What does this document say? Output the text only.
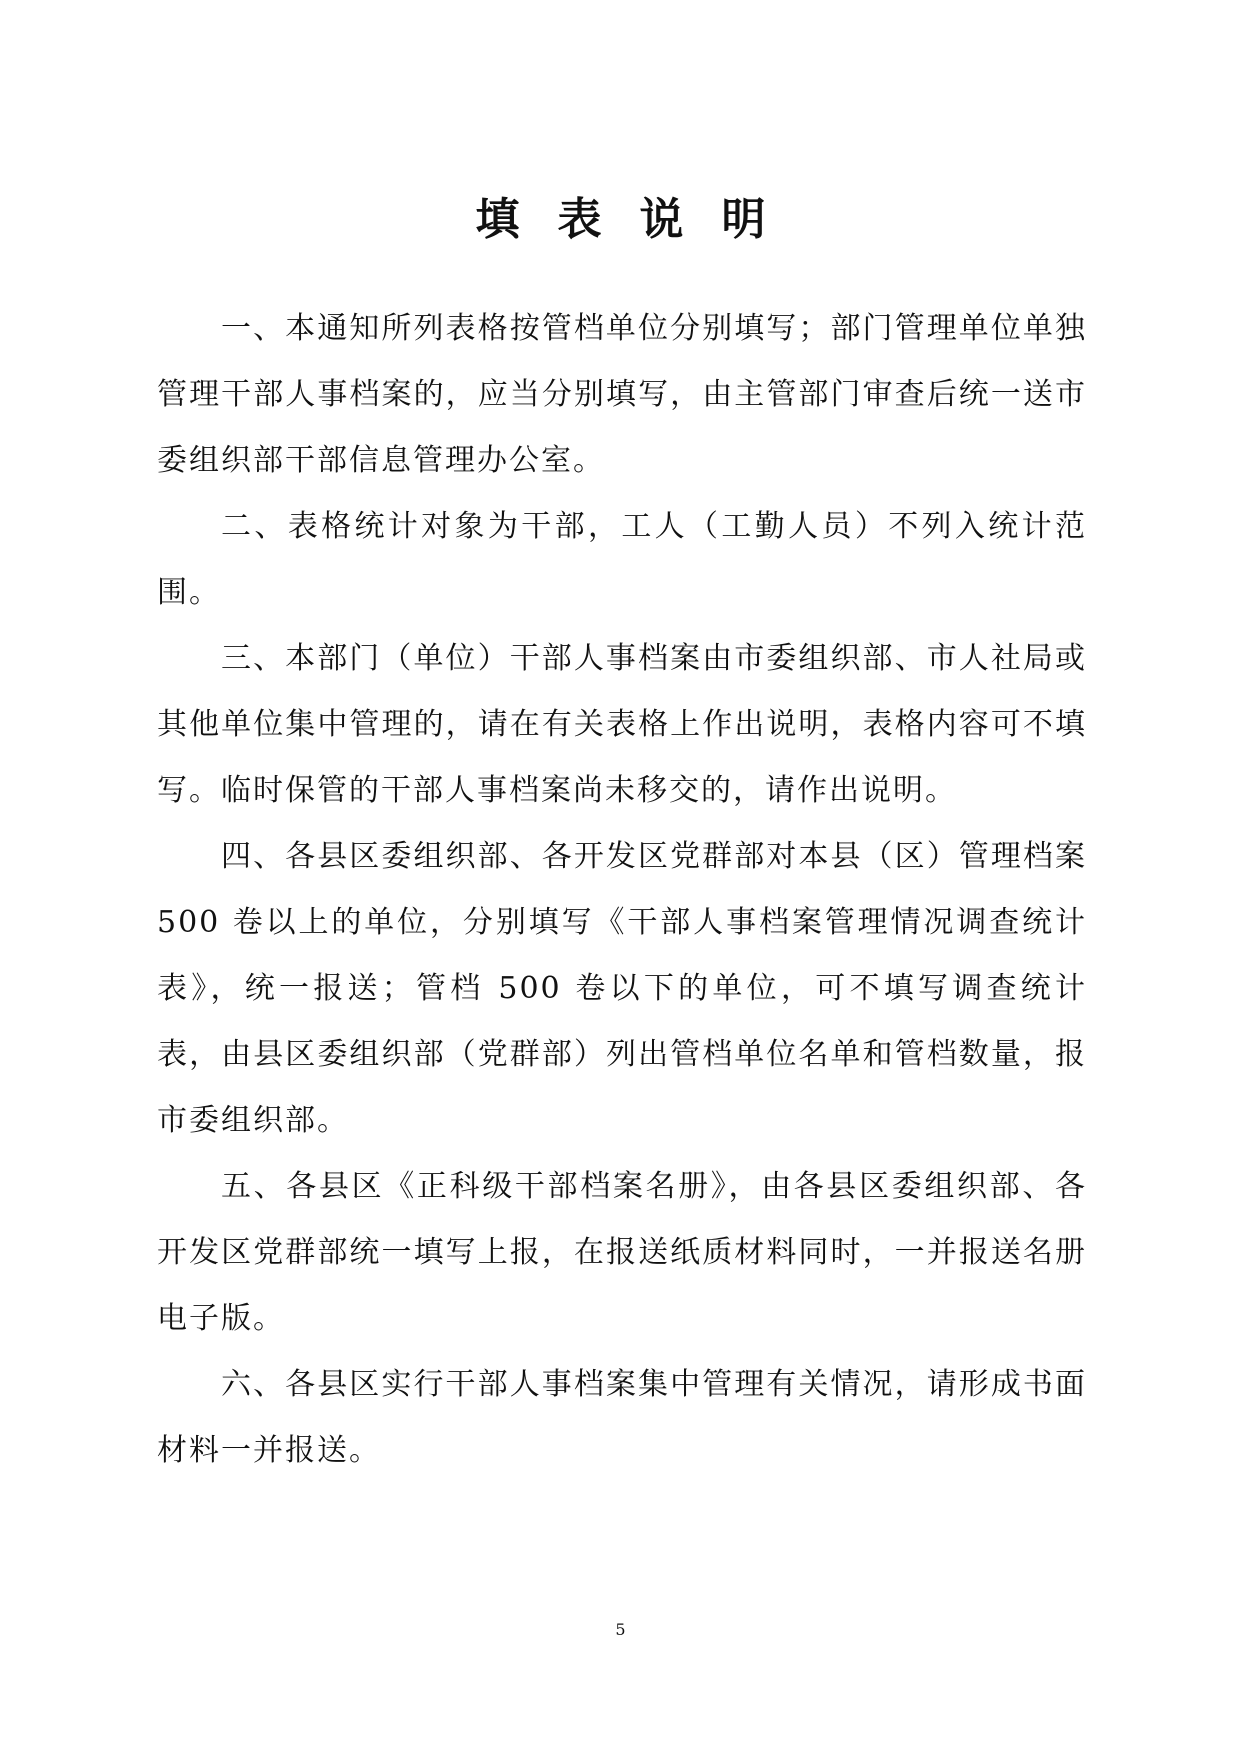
填表说明

一、本通知所列表格按管档单位分别填写；部门管理单位单独管理干部人事档案的，应当分别填写，由主管部门审查后统一送市委组织部干部信息管理办公室。

二、表格统计对象为干部，工人（工勤人员）不列入统计范围。

三、本部门（单位）干部人事档案由市委组织部、市人社局或其他单位集中管理的，请在有关表格上作出说明，表格内容可不填写。临时保管的干部人事档案尚未移交的，请作出说明。

四、各县区委组织部、各开发区党群部对本县（区）管理档案 500 卷以上的单位，分别填写《干部人事档案管理情况调查统计表》，统一报送；管档 500 卷以下的单位，可不填写调查统计表，由县区委组织部（党群部）列出管档单位名单和管档数量，报市委组织部。

五、各县区《正科级干部档案名册》，由各县区委组织部、各开发区党群部统一填写上报，在报送纸质材料同时，一并报送名册电子版。

六、各县区实行干部人事档案集中管理有关情况，请形成书面材料一并报送。

5
